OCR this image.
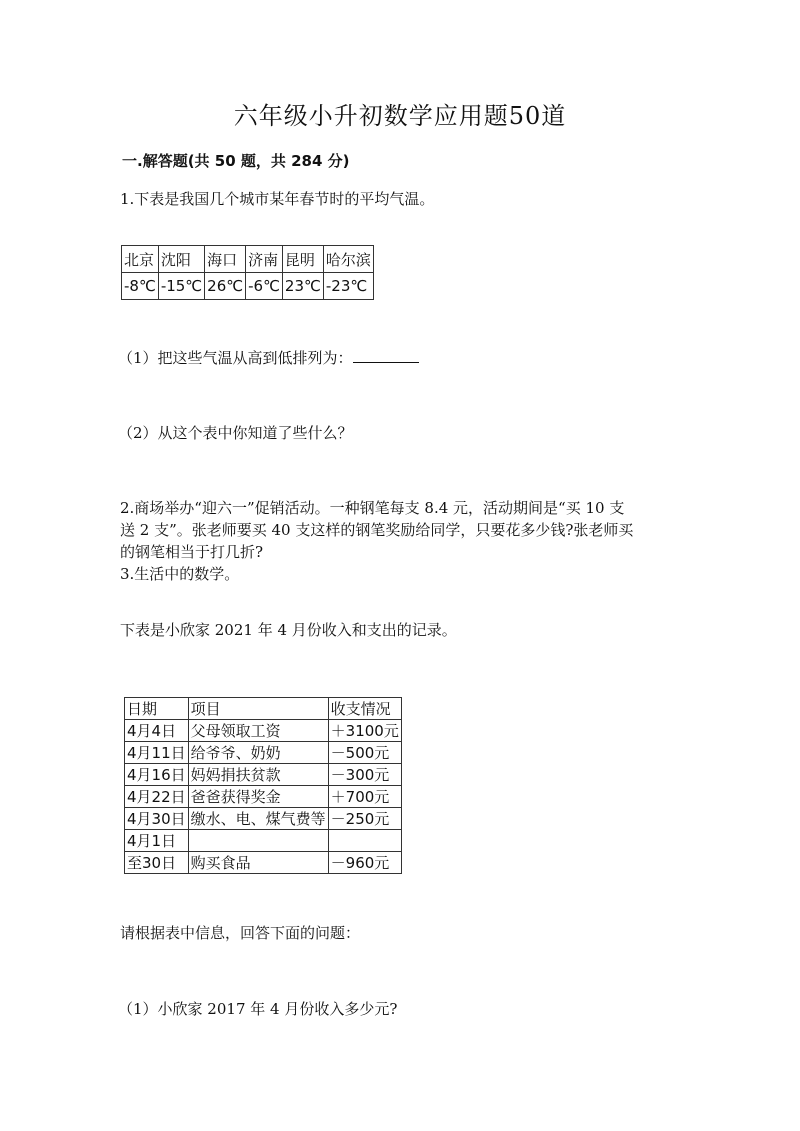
六年级小升初数学应用题50道
一.解答题(共 50 题，共 284 分)
1.下表是我国几个城市某年春节时的平均气温。
北京	沈阳	海口	济南	昆明	哈尔滨
-8℃	-15℃	26℃	-6℃	23℃	-23℃
（1）把这些气温从高到低排列为：
（2）从这个表中你知道了些什么？
2.商场举办“迎六一”促销活动。一种钢笔每支 8.4 元，活动期间是“买 10 支
送 2 支”。张老师要买 40 支这样的钢笔奖励给同学，只要花多少钱?张老师买
的钢笔相当于打几折?
3.生活中的数学。
下表是小欣家 2021 年 4 月份收入和支出的记录。
日期	项目	收支情况
4月4日	父母领取工资	＋3100元
4月11日	给爷爷、奶奶	－500元
4月16日	妈妈捐扶贫款	－300元
4月22日	爸爸获得奖金	＋700元
4月30日	缴水、电、煤气费等	－250元
4月1日		
至30日	购买食品	－960元
请根据表中信息，回答下面的问题：
（1）小欣家 2017 年 4 月份收入多少元?
